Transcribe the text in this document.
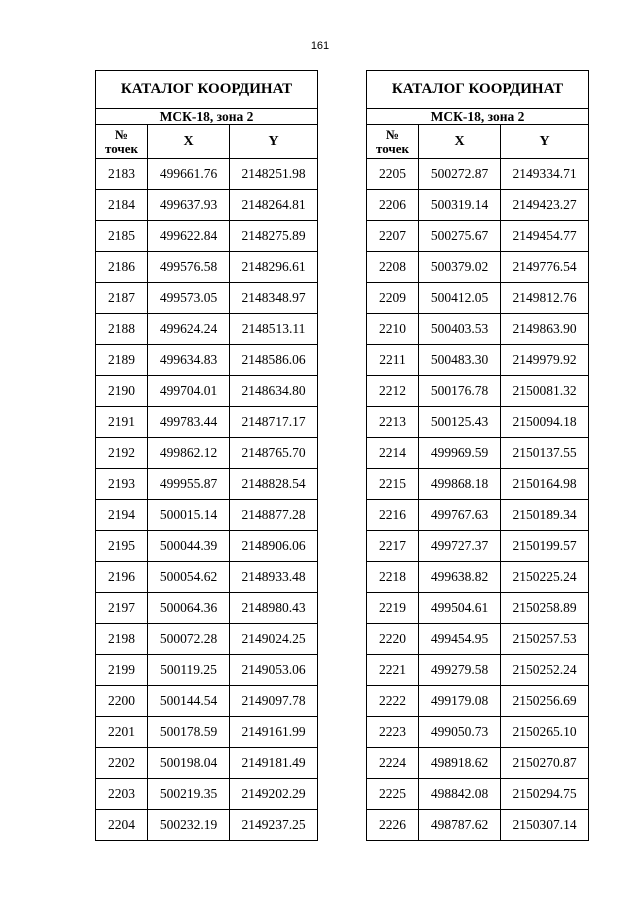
161
КАТАЛОГ КООРДИНАТ		
МСК-18, зона 2		
№
точек	X	Y
2183	499661.76	2148251.98
2184	499637.93	2148264.81
2185	499622.84	2148275.89
2186	499576.58	2148296.61
2187	499573.05	2148348.97
2188	499624.24	2148513.11
2189	499634.83	2148586.06
2190	499704.01	2148634.80
2191	499783.44	2148717.17
2192	499862.12	2148765.70
2193	499955.87	2148828.54
2194	500015.14	2148877.28
2195	500044.39	2148906.06
2196	500054.62	2148933.48
2197	500064.36	2148980.43
2198	500072.28	2149024.25
2199	500119.25	2149053.06
2200	500144.54	2149097.78
2201	500178.59	2149161.99
2202	500198.04	2149181.49
2203	500219.35	2149202.29
2204	500232.19	2149237.25
КАТАЛОГ КООРДИНАТ		
МСК-18, зона 2		
№
точек	X	Y
2205	500272.87	2149334.71
2206	500319.14	2149423.27
2207	500275.67	2149454.77
2208	500379.02	2149776.54
2209	500412.05	2149812.76
2210	500403.53	2149863.90
2211	500483.30	2149979.92
2212	500176.78	2150081.32
2213	500125.43	2150094.18
2214	499969.59	2150137.55
2215	499868.18	2150164.98
2216	499767.63	2150189.34
2217	499727.37	2150199.57
2218	499638.82	2150225.24
2219	499504.61	2150258.89
2220	499454.95	2150257.53
2221	499279.58	2150252.24
2222	499179.08	2150256.69
2223	499050.73	2150265.10
2224	498918.62	2150270.87
2225	498842.08	2150294.75
2226	498787.62	2150307.14
